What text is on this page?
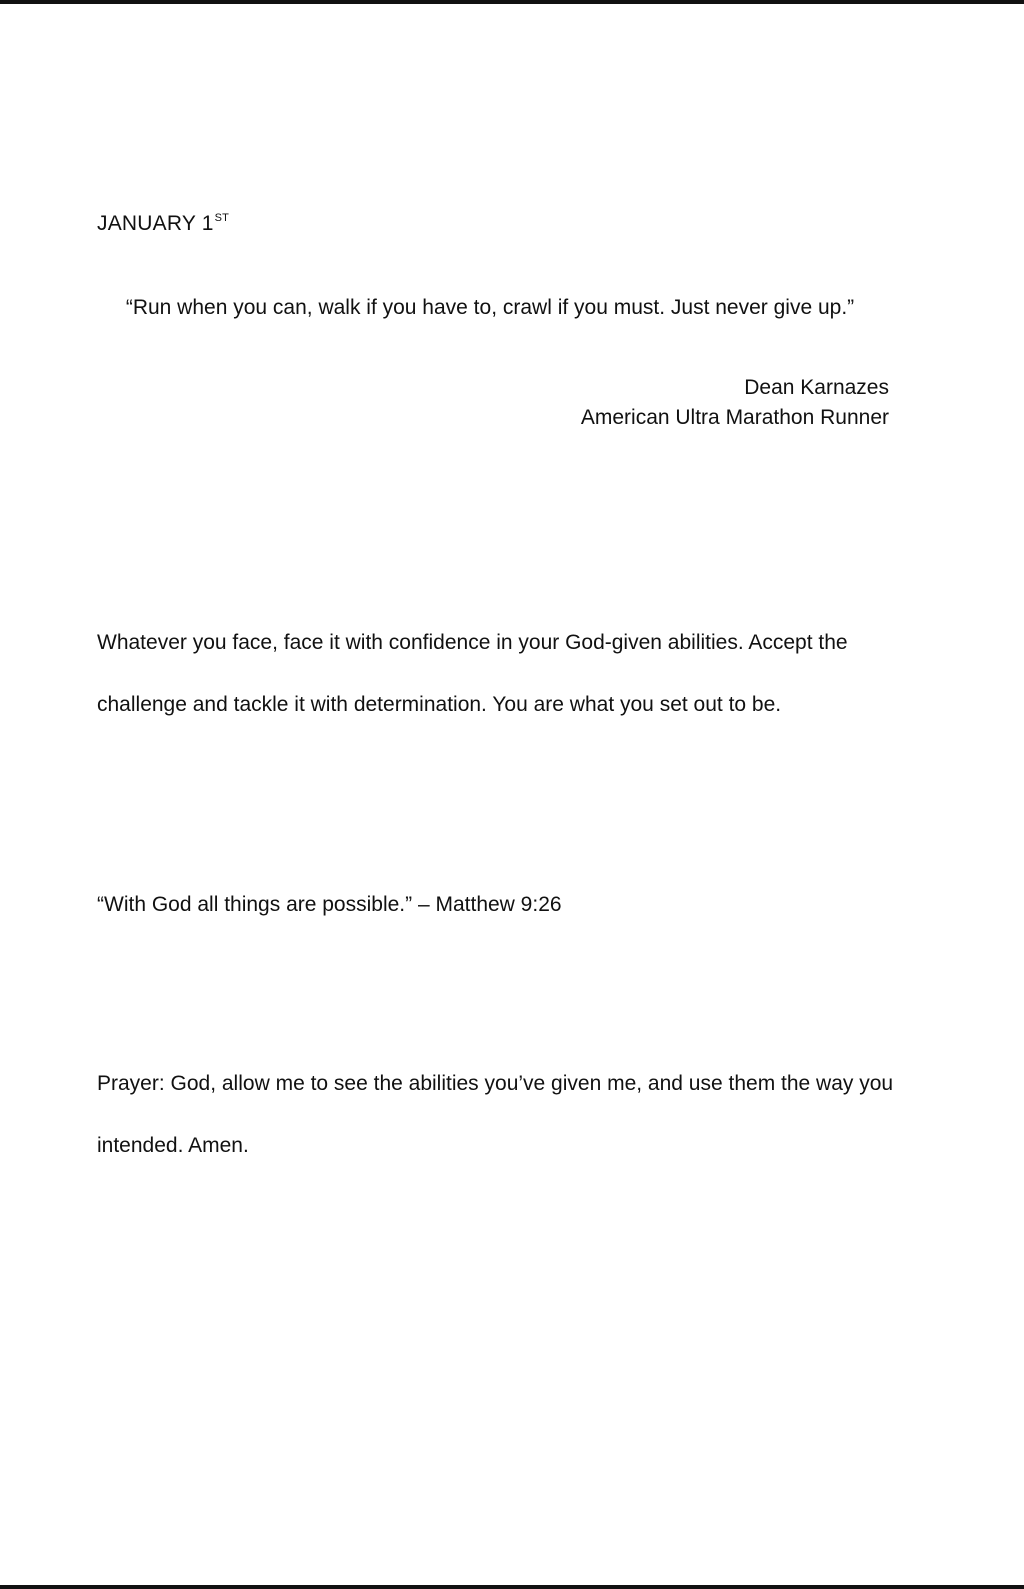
JANUARY 1ST
“Run when you can, walk if you have to, crawl if you must. Just never give up.”
Dean Karnazes
American Ultra Marathon Runner

Whatever you face, face it with confidence in your God-given abilities. Accept the challenge and tackle it with determination. You are what you set out to be.

“With God all things are possible.” – Matthew 9:26

Prayer: God, allow me to see the abilities you’ve given me, and use them the way you intended. Amen.
